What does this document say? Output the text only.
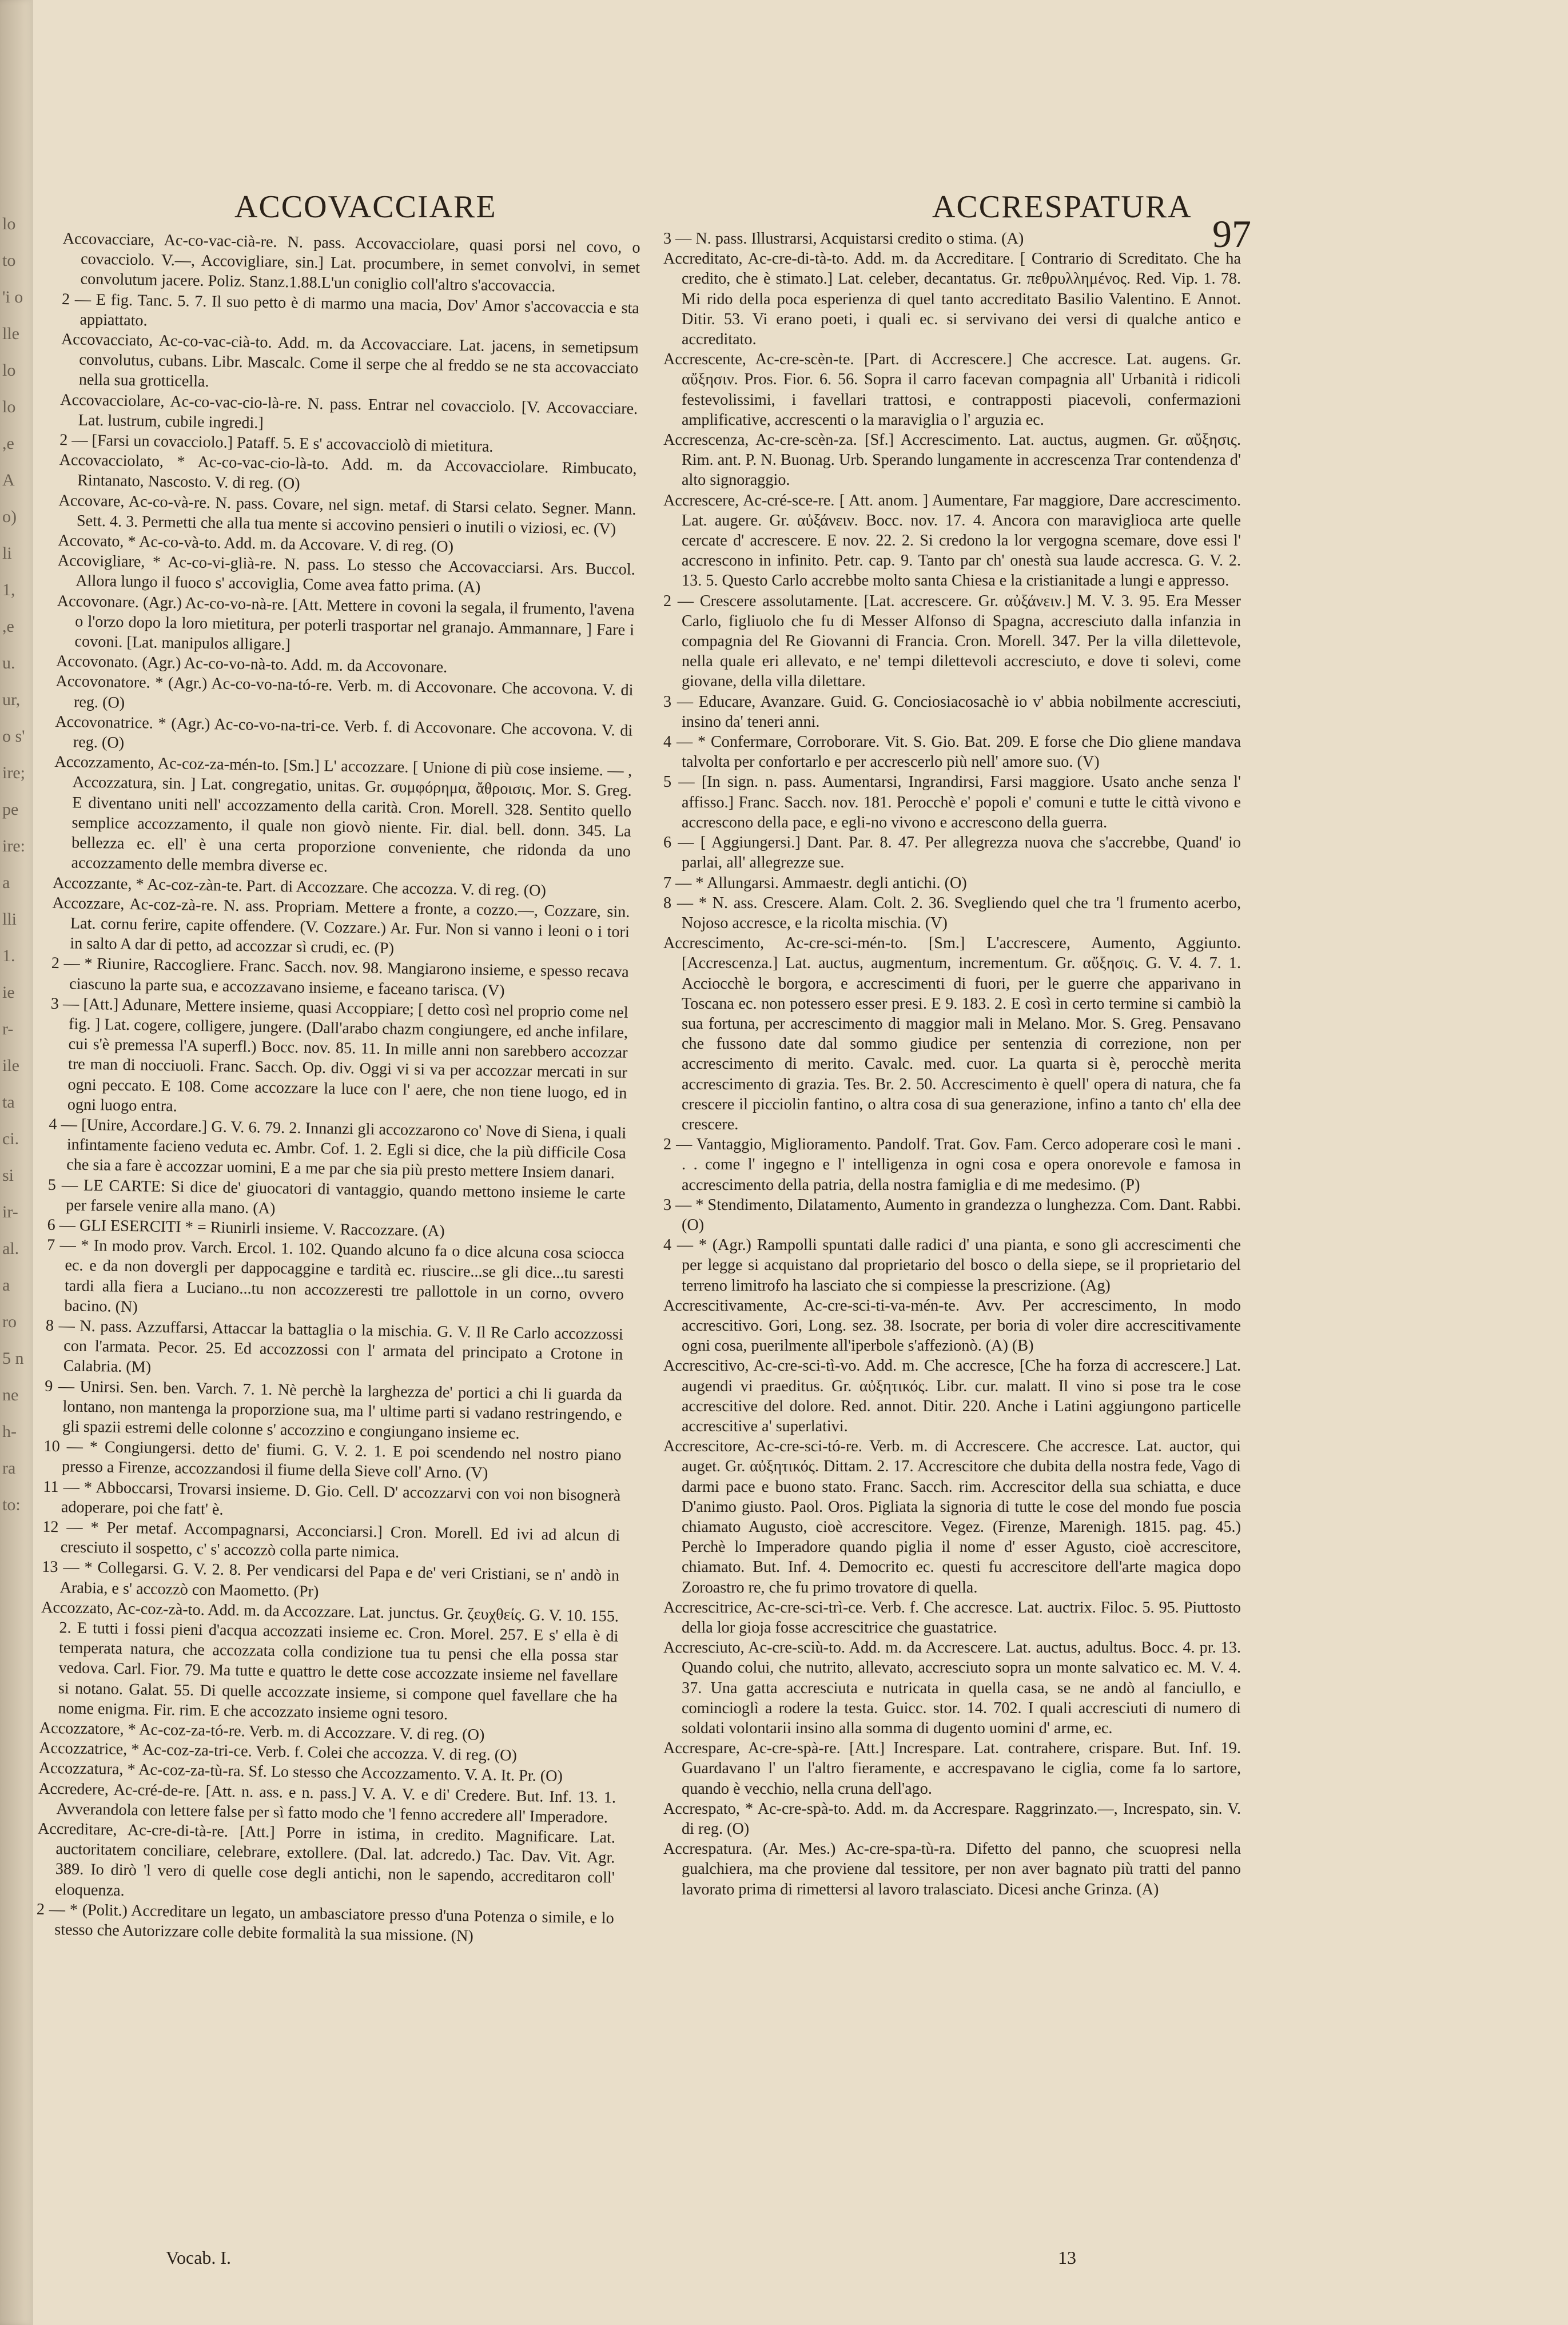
lo to 'i o lle lo lo ,e A o) li 1, ,e u. ur, o s' ire; pe ire: a lli 1. ie r- ile ta ci. si ir- al. a ro 5 n ne h- ra to:
ACCOVACCIARE	ACCRESPATURA
97

Accovacciare, Ac-co-vac-cià-re. N. pass. Accovacciolare, quasi porsi nel covo, o covacciolo. V.—, Accovigliare, sin.] Lat. procumbere, in semet convolvi, in semet convolutum jacere. Poliz. Stanz.1.88.L'un coniglio coll'altro s'accovaccia.

2 — E fig. Tanc. 5. 7. Il suo petto è di marmo una macia, Dov' Amor s'accovaccia e sta appiattato.

Accovacciato, Ac-co-vac-cià-to. Add. m. da Accovacciare. Lat. jacens, in semetipsum convolutus, cubans. Libr. Mascalc. Come il serpe che al freddo se ne sta accovacciato nella sua grotticella.

Accovacciolare, Ac-co-vac-cio-là-re. N. pass. Entrar nel covacciolo. [V. Accovacciare. Lat. lustrum, cubile ingredi.]

2 — [Farsi un covacciolo.] Pataff. 5. E s' accovacciolò di mietitura.

Accovacciolato, * Ac-co-vac-cio-là-to. Add. m. da Accovacciolare. Rimbucato, Rintanato, Nascosto. V. di reg. (O)

Accovare, Ac-co-và-re. N. pass. Covare, nel sign. metaf. di Starsi celato. Segner. Mann. Sett. 4. 3. Permetti che alla tua mente si accovino pensieri o inutili o viziosi, ec. (V)

Accovato, * Ac-co-và-to. Add. m. da Accovare. V. di reg. (O)

Accovigliare, * Ac-co-vi-glià-re. N. pass. Lo stesso che Accovacciarsi. Ars. Buccol. Allora lungo il fuoco s' accoviglia, Come avea fatto prima. (A)

Accovonare. (Agr.) Ac-co-vo-nà-re. [Att. Mettere in covoni la segala, il frumento, l'avena o l'orzo dopo la loro mietitura, per poterli trasportar nel granajo. Ammannare, ] Fare i covoni. [Lat. manipulos alligare.]

Accovonato. (Agr.) Ac-co-vo-nà-to. Add. m. da Accovonare.

Accovonatore. * (Agr.) Ac-co-vo-na-tó-re. Verb. m. di Accovonare. Che accovona. V. di reg. (O)

Accovonatrice. * (Agr.) Ac-co-vo-na-tri-ce. Verb. f. di Accovonare. Che accovona. V. di reg. (O)

Accozzamento, Ac-coz-za-mén-to. [Sm.] L' accozzare. [ Unione di più cose insieme. — , Accozzatura, sin. ] Lat. congregatio, unitas. Gr. συμφόρημα, ἄθροισις. Mor. S. Greg. E diventano uniti nell' accozzamento della carità. Cron. Morell. 328. Sentito quello semplice accozzamento, il quale non giovò niente. Fir. dial. bell. donn. 345. La bellezza ec. ell' è una certa proporzione conveniente, che ridonda da uno accozzamento delle membra diverse ec.

Accozzante, * Ac-coz-zàn-te. Part. di Accozzare. Che accozza. V. di reg. (O)

Accozzare, Ac-coz-zà-re. N. ass. Propriam. Mettere a fronte, a cozzo.—, Cozzare, sin. Lat. cornu ferire, capite offendere. (V. Cozzare.) Ar. Fur. Non si vanno i leoni o i tori in salto A dar di petto, ad accozzar sì crudi, ec. (P)

2 — * Riunire, Raccogliere. Franc. Sacch. nov. 98. Mangiarono insieme, e spesso recava ciascuno la parte sua, e accozzavano insieme, e faceano tarisca. (V)

3 — [Att.] Adunare, Mettere insieme, quasi Accoppiare; [ detto così nel proprio come nel fig. ] Lat. cogere, colligere, jungere. (Dall'arabo chazm congiungere, ed anche infilare, cui s'è premessa l'A superfl.) Bocc. nov. 85. 11. In mille anni non sarebbero accozzar tre man di nocciuoli. Franc. Sacch. Op. div. Oggi vi si va per accozzar mercati in sur ogni peccato. E 108. Come accozzare la luce con l' aere, che non tiene luogo, ed in ogni luogo entra.

4 — [Unire, Accordare.] G. V. 6. 79. 2. Innanzi gli accozzarono co' Nove di Siena, i quali infintamente facieno veduta ec. Ambr. Cof. 1. 2. Egli si dice, che la più difficile Cosa che sia a fare è accozzar uomini, E a me par che sia più presto mettere Insiem danari.

5 — LE CARTE: Si dice de' giuocatori di vantaggio, quando mettono insieme le carte per farsele venire alla mano. (A)

6 — GLI ESERCITI * = Riunirli insieme. V. Raccozzare. (A)

7 — * In modo prov. Varch. Ercol. 1. 102. Quando alcuno fa o dice alcuna cosa sciocca ec. e da non dovergli per dappocaggine e tardità ec. riuscire...se gli dice...tu saresti tardi alla fiera a Luciano...tu non accozzeresti tre pallottole in un corno, ovvero bacino. (N)

8 — N. pass. Azzuffarsi, Attaccar la battaglia o la mischia. G. V. Il Re Carlo accozzossi con l'armata. Pecor. 25. Ed accozzossi con l' armata del principato a Crotone in Calabria. (M)

9 — Unirsi. Sen. ben. Varch. 7. 1. Nè perchè la larghezza de' portici a chi li guarda da lontano, non mantenga la proporzione sua, ma l' ultime parti si vadano restringendo, e gli spazii estremi delle colonne s' accozzino e congiungano insieme ec.

10 — * Congiungersi. detto de' fiumi. G. V. 2. 1. E poi scendendo nel nostro piano presso a Firenze, accozzandosi il fiume della Sieve coll' Arno. (V)

11 — * Abboccarsi, Trovarsi insieme. D. Gio. Cell. D' accozzarvi con voi non bisognerà adoperare, poi che fatt' è.

12 — * Per metaf. Accompagnarsi, Acconciarsi.] Cron. Morell. Ed ivi ad alcun di cresciuto il sospetto, c' s' accozzò colla parte nimica.

13 — * Collegarsi. G. V. 2. 8. Per vendicarsi del Papa e de' veri Cristiani, se n' andò in Arabia, e s' accozzò con Maometto. (Pr)

Accozzato, Ac-coz-zà-to. Add. m. da Accozzare. Lat. junctus. Gr. ζευχθείς. G. V. 10. 155. 2. E tutti i fossi pieni d'acqua accozzati insieme ec. Cron. Morel. 257. E s' ella è di temperata natura, che accozzata colla condizione tua tu pensi che ella possa star vedova. Carl. Fior. 79. Ma tutte e quattro le dette cose accozzate insieme nel favellare si notano. Galat. 55. Di quelle accozzate insieme, si compone quel favellare che ha nome enigma. Fir. rim. E che accozzato insieme ogni tesoro.

Accozzatore, * Ac-coz-za-tó-re. Verb. m. di Accozzare. V. di reg. (O)

Accozzatrice, * Ac-coz-za-tri-ce. Verb. f. Colei che accozza. V. di reg. (O)

Accozzatura, * Ac-coz-za-tù-ra. Sf. Lo stesso che Accozzamento. V. A. It. Pr. (O)

Accredere, Ac-cré-de-re. [Att. n. ass. e n. pass.] V. A. V. e di' Credere. But. Inf. 13. 1. Avverandola con lettere false per sì fatto modo che 'l fenno accredere all' Imperadore.

Accreditare, Ac-cre-di-tà-re. [Att.] Porre in istima, in credito. Magnificare. Lat. auctoritatem conciliare, celebrare, extollere. (Dal. lat. adcredo.) Tac. Dav. Vit. Agr. 389. Io dirò 'l vero di quelle cose degli antichi, non le sapendo, accreditaron coll' eloquenza.

2 — * (Polit.) Accreditare un legato, un ambasciatore presso d'una Potenza o simile, e lo stesso che Autorizzare colle debite formalità la sua missione. (N)

3 — N. pass. Illustrarsi, Acquistarsi credito o stima. (A)

Accreditato, Ac-cre-di-tà-to. Add. m. da Accreditare. [ Contrario di Screditato. Che ha credito, che è stimato.] Lat. celeber, decantatus. Gr. πεθρυλλημένος. Red. Vip. 1. 78. Mi rido della poca esperienza di quel tanto accreditato Basilio Valentino. E Annot. Ditir. 53. Vi erano poeti, i quali ec. si servivano dei versi di qualche antico e accreditato.

Accrescente, Ac-cre-scèn-te. [Part. di Accrescere.] Che accresce. Lat. augens. Gr. αὔξησιν. Pros. Fior. 6. 56. Sopra il carro facevan compagnia all' Urbanità i ridicoli festevolissimi, i favellari trattosi, e contrapposti piacevoli, confermazioni amplificative, accrescenti o la maraviglia o l' arguzia ec.

Accrescenza, Ac-cre-scèn-za. [Sf.] Accrescimento. Lat. auctus, augmen. Gr. αὔξησις. Rim. ant. P. N. Buonag. Urb. Sperando lungamente in accrescenza Trar contendenza d' alto signoraggio.

Accrescere, Ac-cré-sce-re. [ Att. anom. ] Aumentare, Far maggiore, Dare accrescimento. Lat. augere. Gr. αὐξάνειν. Bocc. nov. 17. 4. Ancora con maraviglioса arte quelle cercate d' accrescere. E nov. 22. 2. Si credono la lor vergogna scemare, dove essi l' accrescono in infinito. Petr. cap. 9. Tanto par ch' onestà sua laude accresca. G. V. 2. 13. 5. Questo Carlo accrebbe molto santa Chiesa e la cristianitade a lungi e appresso.

2 — Crescere assolutamente. [Lat. accrescere. Gr. αὐξάνειν.] M. V. 3. 95. Era Messer Carlo, figliuolo che fu di Messer Alfonso di Spagna, accresciuto dalla infanzia in compagnia del Re Giovanni di Francia. Cron. Morell. 347. Per la villa dilettevole, nella quale eri allevato, e ne' tempi dilettevoli accresciuto, e dove ti solevi, come giovane, della villa dilettare.

3 — Educare, Avanzare. Guid. G. Conciosiacosachè io v' abbia nobilmente accresciuti, insino da' teneri anni.

4 — * Confermare, Corroborare. Vit. S. Gio. Bat. 209. E forse che Dio gliene mandava talvolta per confortarlo e per accrescerlo più nell' amore suo. (V)

5 — [In sign. n. pass. Aumentarsi, Ingrandirsi, Farsi maggiore. Usato anche senza l' affisso.] Franc. Sacch. nov. 181. Perocchè e' popoli e' comuni e tutte le città vivono e accrescono della pace, e egli-no vivono e accrescono della guerra.

6 — [ Aggiungersi.] Dant. Par. 8. 47. Per allegrezza nuova che s'accrebbe, Quand' io parlai, all' allegrezze sue.

7 — * Allungarsi. Ammaestr. degli antichi. (O)

8 — * N. ass. Crescere. Alam. Colt. 2. 36. Svegliendo quel che tra 'l frumento acerbo, Nojoso accresce, e la ricolta mischia. (V)

Accrescimento, Ac-cre-sci-mén-to. [Sm.] L'accrescere, Aumento, Aggiunto. [Accrescenza.] Lat. auctus, augmentum, incrementum. Gr. αὔξησις. G. V. 4. 7. 1. Acciocchè le borgora, e accrescimenti di fuori, per le guerre che apparivano in Toscana ec. non potessero esser presi. E 9. 183. 2. E così in certo termine si cambiò la sua fortuna, per accrescimento di maggior mali in Melano. Mor. S. Greg. Pensavano che fussono date dal sommo giudice per sentenzia di correzione, non per accrescimento di merito. Cavalc. med. cuor. La quarta si è, perocchè merita accrescimento di grazia. Tes. Br. 2. 50. Accrescimento è quell' opera di natura, che fa crescere il picciolin fantino, o altra cosa di sua generazione, infino a tanto ch' ella dee crescere.

2 — Vantaggio, Miglioramento. Pandolf. Trat. Gov. Fam. Cerco adoperare così le mani . . . come l' ingegno e l' intelligenza in ogni cosa e opera onorevole e famosa in accrescimento della patria, della nostra famiglia e di me medesimo. (P)

3 — * Stendimento, Dilatamento, Aumento in grandezza o lunghezza. Com. Dant. Rabbi. (O)

4 — * (Agr.) Rampolli spuntati dalle radici d' una pianta, e sono gli accrescimenti che per legge si acquistano dal proprietario del bosco o della siepe, se il proprietario del terreno limitrofo ha lasciato che si compiesse la prescrizione. (Ag)

Accrescitivamente, Ac-cre-sci-ti-va-mén-te. Avv. Per accrescimento, In modo accrescitivo. Gori, Long. sez. 38. Isocrate, per boria di voler dire accrescitivamente ogni cosa, puerilmente all'iperbole s'affezionò. (A) (B)

Accrescitivo, Ac-cre-sci-tì-vo. Add. m. Che accresce, [Che ha forza di accrescere.] Lat. augendi vi praeditus. Gr. αὐξητικός. Libr. cur. malatt. Il vino si pose tra le cose accrescitive del dolore. Red. annot. Ditir. 220. Anche i Latini aggiungono particelle accrescitive a' superlativi.

Accrescitore, Ac-cre-sci-tó-re. Verb. m. di Accrescere. Che accresce. Lat. auctor, qui auget. Gr. αὐξητικός. Dittam. 2. 17. Accrescitore che dubita della nostra fede, Vago di darmi pace e buono stato. Franc. Sacch. rim. Accrescitor della sua schiatta, e duce D'animo giusto. Paol. Oros. Pigliata la signoria di tutte le cose del mondo fue poscia chiamato Augusto, cioè accrescitore. Vegez. (Firenze, Marenigh. 1815. pag. 45.) Perchè lo Imperadore quando piglia il nome d' esser Agusto, cioè accrescitore, chiamato. But. Inf. 4. Democrito ec. questi fu accrescitore dell'arte magica dopo Zoroastro re, che fu primo trovatore di quella.

Accrescitrice, Ac-cre-sci-trì-ce. Verb. f. Che accresce. Lat. auctrix. Filoc. 5. 95. Piuttosto della lor gioja fosse accrescitrice che guastatrice.

Accresciuto, Ac-cre-sciù-to. Add. m. da Accrescere. Lat. auctus, adultus. Bocc. 4. pr. 13. Quando colui, che nutrito, allevato, accresciuto sopra un monte salvatico ec. M. V. 4. 37. Una gatta accresciuta e nutricata in quella casa, se ne andò al fanciullo, e comincioglì a rodere la testa. Guicc. stor. 14. 702. I quali accresciuti di numero di soldati volontarii insino alla somma di dugento uomini d' arme, ec.

Accrespare, Ac-cre-spà-re. [Att.] Increspare. Lat. contrahere, crispare. But. Inf. 19. Guardavano l' un l'altro fieramente, e accrespavano le ciglia, come fa lo sartore, quando è vecchio, nella cruna dell'ago.

Accrespato, * Ac-cre-spà-to. Add. m. da Accrespare. Raggrinzato.—, Increspato, sin. V. di reg. (O)

Accrespatura. (Ar. Mes.) Ac-cre-spa-tù-ra. Difetto del panno, che scuopresi nella gualchiera, ma che proviene dal tessitore, per non aver bagnato più tratti del panno lavorato prima di rimettersi al lavoro tralasciato. Dicesi anche Grinza. (A)

Vocab. I.	13
